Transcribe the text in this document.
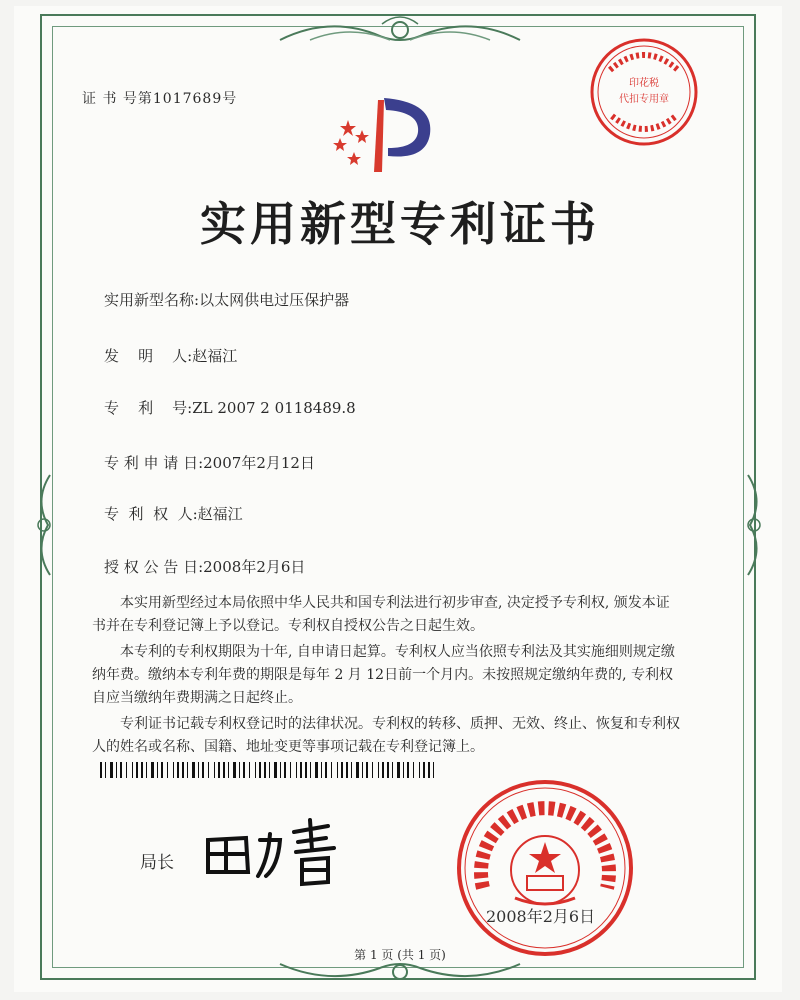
证 书 号第1017689号
实用新型专利证书
实用新型名称:以太网供电过压保护器
发    明    人:赵福江
专    利    号:ZL 2007 2 0118489.8
专 利 申 请 日:2007年2月12日
专  利  权  人:赵福江
授 权 公 告 日:2008年2月6日

本实用新型经过本局依照中华人民共和国专利法进行初步审查, 决定授予专利权, 颁发本证书并在专利登记簿上予以登记。专利权自授权公告之日起生效。

本专利的专利权期限为十年, 自申请日起算。专利权人应当依照专利法及其实施细则规定缴纳年费。缴纳本专利年费的期限是每年 2 月 12日前一个月内。未按照规定缴纳年费的, 专利权自应当缴纳年费期满之日起终止。

专利证书记载专利权登记时的法律状况。专利权的转移、质押、无效、终止、恢复和专利权人的姓名或名称、国籍、地址变更等事项记载在专利登记簿上。

局长
印花税
代扣专用章
2008年2月6日
第 1 页 (共 1 页)
